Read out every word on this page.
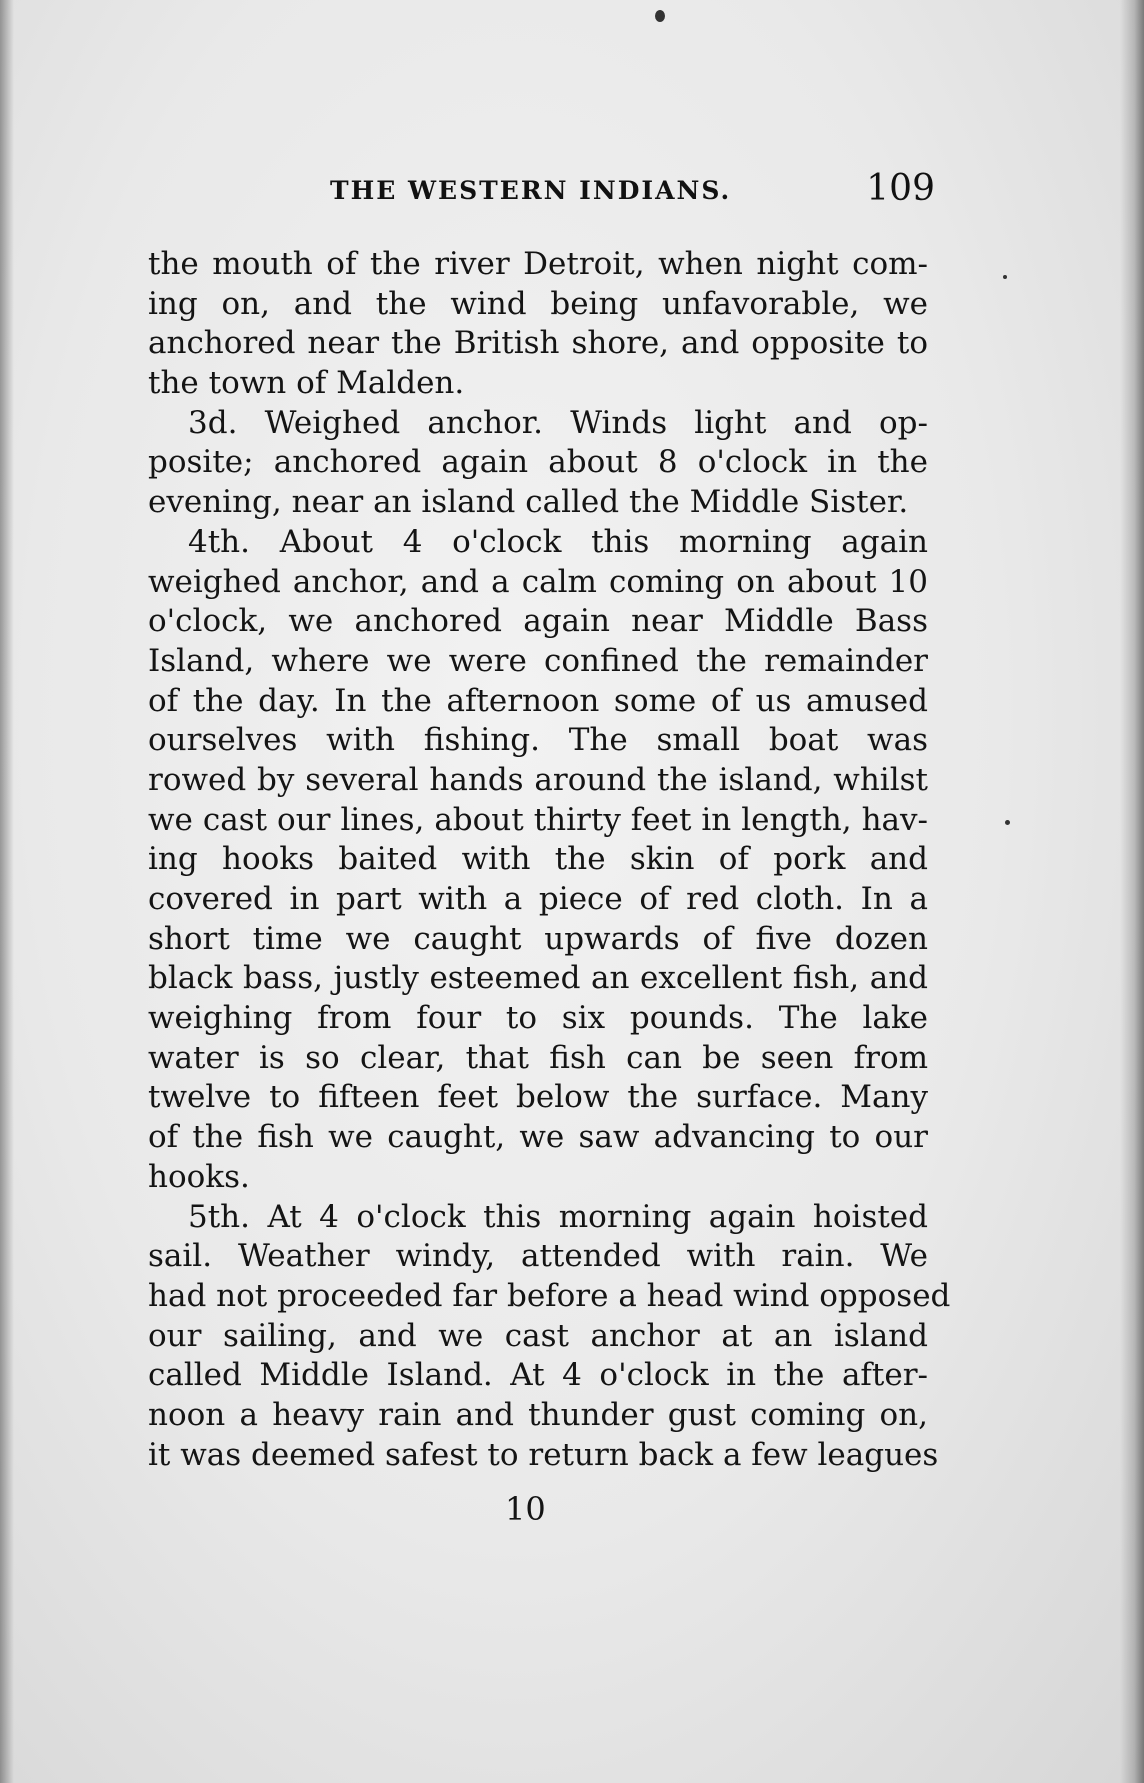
THE WESTERN INDIANS.	109
the mouth of the river Detroit, when night com-
ing on, and the wind being unfavorable, we
anchored near the British shore, and opposite to
the town of Malden.
3d. Weighed anchor. Winds light and op-
posite; anchored again about 8 o'clock in the
evening, near an island called the Middle Sister.
4th. About 4 o'clock this morning again
weighed anchor, and a calm coming on about 10
o'clock, we anchored again near Middle Bass
Island, where we were confined the remainder
of the day. In the afternoon some of us amused
ourselves with fishing. The small boat was
rowed by several hands around the island, whilst
we cast our lines, about thirty feet in length, hav-
ing hooks baited with the skin of pork and
covered in part with a piece of red cloth. In a
short time we caught upwards of five dozen
black bass, justly esteemed an excellent fish, and
weighing from four to six pounds. The lake
water is so clear, that fish can be seen from
twelve to fifteen feet below the surface. Many
of the fish we caught, we saw advancing to our
hooks.
5th. At 4 o'clock this morning again hoisted
sail. Weather windy, attended with rain. We
had not proceeded far before a head wind opposed
our sailing, and we cast anchor at an island
called Middle Island. At 4 o'clock in the after-
noon a heavy rain and thunder gust coming on,
it was deemed safest to return back a few leagues
10
